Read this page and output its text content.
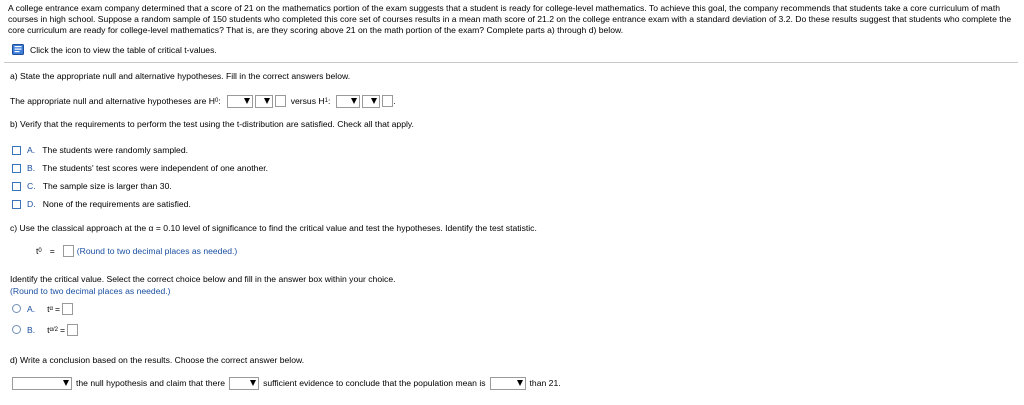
A college entrance exam company determined that a score of 21 on the mathematics portion of the exam suggests that a student is ready for college-level mathematics. To achieve this goal, the company recommends that students take a core curriculum of math courses in high school. Suppose a random sample of 150 students who completed this core set of courses results in a mean math score of 21.2 on the college entrance exam with a standard deviation of 3.2. Do these results suggest that students who complete the core curriculum are ready for college-level mathematics? That is, are they scoring above 21 on the math portion of the exam? Complete parts a) through d) below.
Click the icon to view the table of critical t-values.
a) State the appropriate null and alternative hypotheses. Fill in the correct answers below.
The appropriate null and alternative hypotheses are H 0 :	versus H 1 :	.
b) Verify that the requirements to perform the test using the t-distribution are satisfied. Check all that apply.
A. The students were randomly sampled.
B. The students' test scores were independent of one another.
C. The sample size is larger than 30.
D. None of the requirements are satisfied.
c) Use the classical approach at the α = 0.10 level of significance to find the critical value and test the hypotheses. Identify the test statistic.
t 0 =	(Round to two decimal places as needed.)
Identify the critical value. Select the correct choice below and fill in the answer box within your choice.
(Round to two decimal places as needed.)
A. t α =
B. t α/2 =
d) Write a conclusion based on the results. Choose the correct answer below.
the null hypothesis and claim that there	sufficient evidence to conclude that the population mean is	than 21.
